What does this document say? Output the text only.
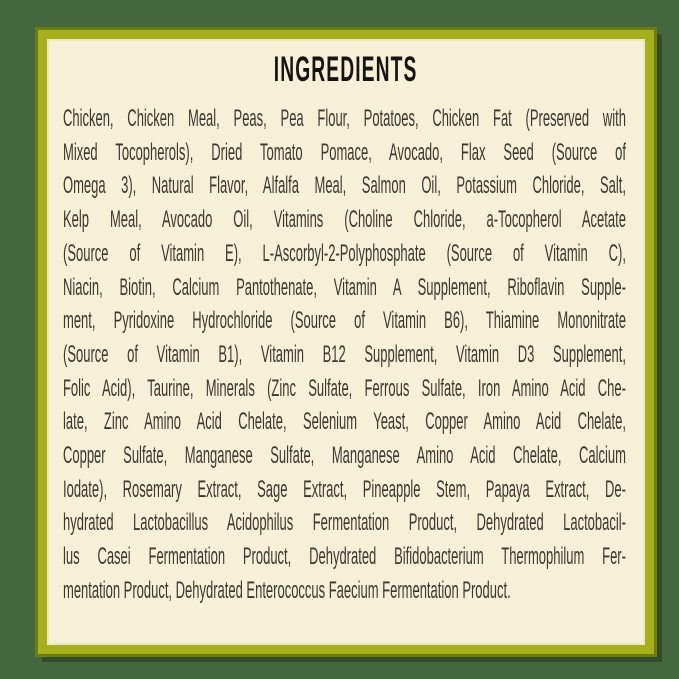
INGREDIENTS
Chicken, Chicken Meal, Peas, Pea Flour, Potatoes, Chicken Fat (Preserved with
Mixed Tocopherols), Dried Tomato Pomace, Avocado, Flax Seed (Source of
Omega 3), Natural Flavor, Alfalfa Meal, Salmon Oil, Potassium Chloride, Salt,
Kelp Meal, Avocado Oil, Vitamins (Choline Chloride, a-Tocopherol Acetate
(Source of Vitamin E), L-Ascorbyl-2-Polyphosphate (Source of Vitamin C),
Niacin, Biotin, Calcium Pantothenate, Vitamin A Supplement, Riboflavin Supple-
ment, Pyridoxine Hydrochloride (Source of Vitamin B6), Thiamine Mononitrate
(Source of Vitamin B1), Vitamin B12 Supplement, Vitamin D3 Supplement,
Folic Acid), Taurine, Minerals (Zinc Sulfate, Ferrous Sulfate, Iron Amino Acid Che-
late, Zinc Amino Acid Chelate, Selenium Yeast, Copper Amino Acid Chelate,
Copper Sulfate, Manganese Sulfate, Manganese Amino Acid Chelate, Calcium
Iodate), Rosemary Extract, Sage Extract, Pineapple Stem, Papaya Extract, De-
hydrated Lactobacillus Acidophilus Fermentation Product, Dehydrated Lactobacil-
lus Casei Fermentation Product, Dehydrated Bifidobacterium Thermophilum Fer-
mentation Product, Dehydrated Enterococcus Faecium Fermentation Product.
